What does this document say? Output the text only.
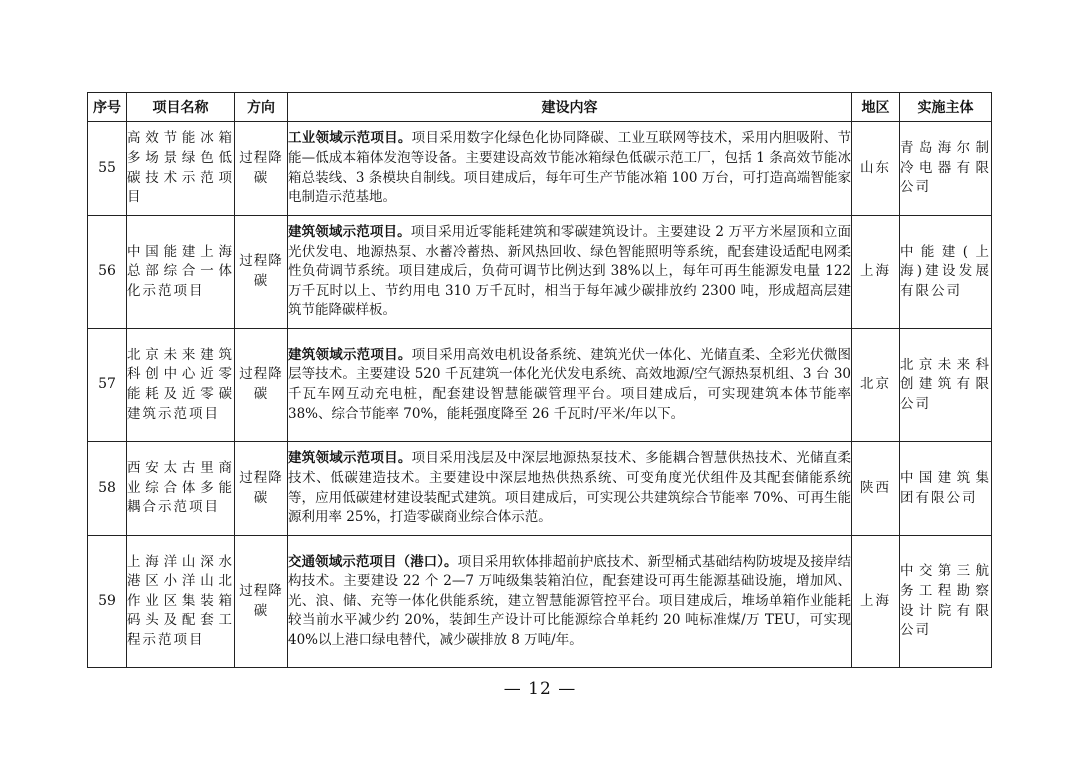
序号	项目名称	方向	建设内容	地区	实施主体
55	高效节能冰箱多场景绿色低碳技术示范项目	过程降碳	工业领域示范项目。项目采用数字化绿色化协同降碳、工业互联网等技术，采用内胆吸附、节能—低成本箱体发泡等设备。主要建设高效节能冰箱绿色低碳示范工厂，包括 1 条高效节能冰箱总装线、3 条模块自制线。项目建成后，每年可生产节能冰箱 100 万台，可打造高端智能家电制造示范基地。	山东	青岛海尔制冷电器有限公司
56	中国能建上海总部综合一体化示范项目	过程降碳	建筑领域示范项目。项目采用近零能耗建筑和零碳建筑设计。主要建设 2 万平方米屋顶和立面光伏发电、地源热泵、水蓄冷蓄热、新风热回收、绿色智能照明等系统，配套建设适配电网柔性负荷调节系统。项目建成后，负荷可调节比例达到 38%以上，每年可再生能源发电量 122 万千瓦时以上、节约用电 310 万千瓦时，相当于每年减少碳排放约 2300 吨，形成超高层建筑节能降碳样板。	上海	中能建(上海)建设发展有限公司
57	北京未来建筑科创中心近零能耗及近零碳建筑示范项目	过程降碳	建筑领域示范项目。项目采用高效电机设备系统、建筑光伏一体化、光储直柔、全彩光伏微图层等技术。主要建设 520 千瓦建筑一体化光伏发电系统、高效地源/空气源热泵机组、3 台 30 千瓦车网互动充电桩，配套建设智慧能碳管理平台。项目建成后，可实现建筑本体节能率 38%、综合节能率 70%，能耗强度降至 26 千瓦时/平米/年以下。	北京	北京未来科创建筑有限公司
58	西安太古里商业综合体多能耦合示范项目	过程降碳	建筑领域示范项目。项目采用浅层及中深层地源热泵技术、多能耦合智慧供热技术、光储直柔技术、低碳建造技术。主要建设中深层地热供热系统、可变角度光伏组件及其配套储能系统等，应用低碳建材建设装配式建筑。项目建成后，可实现公共建筑综合节能率 70%、可再生能源利用率 25%，打造零碳商业综合体示范。	陕西	中国建筑集团有限公司
59	上海洋山深水港区小洋山北作业区集装箱码头及配套工程示范项目	过程降碳	交通领域示范项目（港口）。项目采用软体排超前护底技术、新型桶式基础结构防坡堤及接岸结构技术。主要建设 22 个 2—7 万吨级集装箱泊位，配套建设可再生能源基础设施，增加风、光、浪、储、充等一体化供能系统，建立智慧能源管控平台。项目建成后，堆场单箱作业能耗较当前水平减少约 20%，装卸生产设计可比能源综合单耗约 20 吨标准煤/万 TEU，可实现 40%以上港口绿电替代，减少碳排放 8 万吨/年。	上海	中交第三航务工程勘察设计院有限公司
— 12 —
